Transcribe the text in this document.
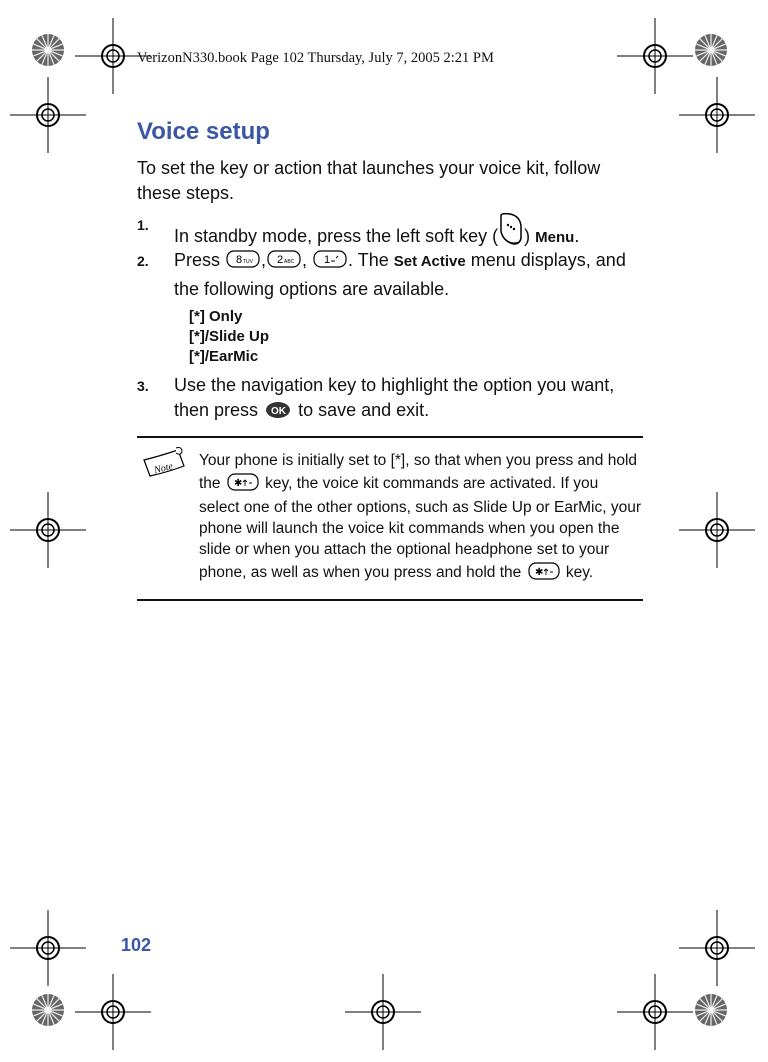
VerizonN330.book Page 102 Thursday, July 7, 2005 2:21 PM
Voice setup
To set the key or action that launches your voice kit, follow these steps.
1.
In standby mode, press the left soft key ( ) Menu.
2. Press 8 TUV , 2 ABC , 1 . The Set Active menu displays, and the following options are available.
[*] Only
[*]/Slide Up
[*]/EarMic
3. Use the navigation key to highlight the option you want, then press OK to save and exit.
Note Your phone is initially set to [*], so that when you press and hold the ✱ key, the voice kit commands are activated. If you select one of the other options, such as Slide Up or EarMic, your phone will launch the voice kit commands when you open the slide or when you attach the optional headphone set to your phone, as well as when you press and hold the ✱ key.
102
